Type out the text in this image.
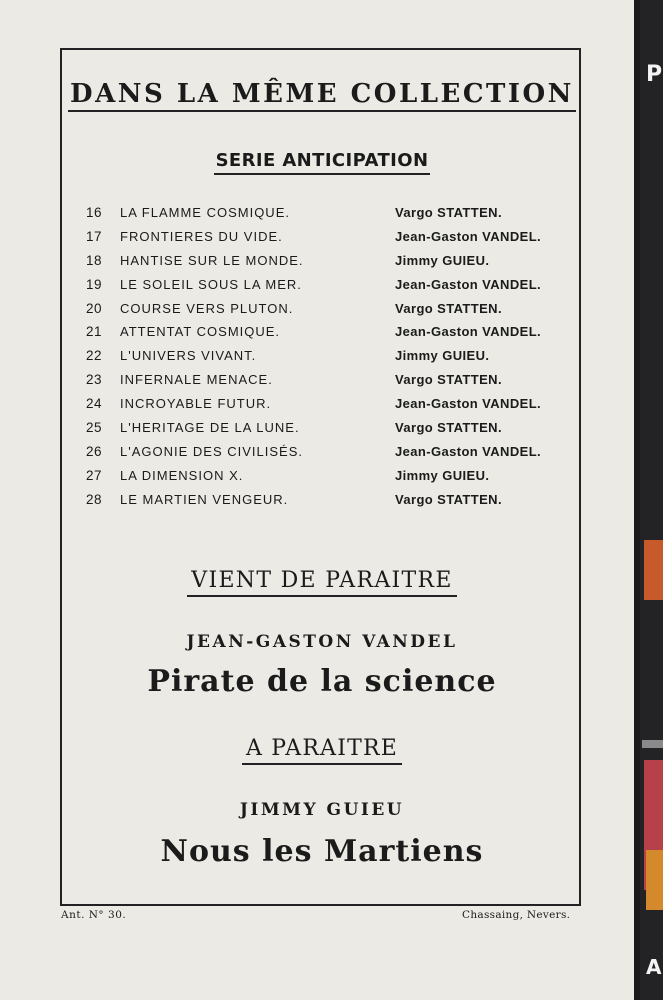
P
A
DANS LA MÊME COLLECTION
SERIE ANTICIPATION
16	LA FLAMME COSMIQUE.	Vargo STATTEN.
17	FRONTIERES DU VIDE.	Jean-Gaston VANDEL.
18	HANTISE SUR LE MONDE.	Jimmy GUIEU.
19	LE SOLEIL SOUS LA MER.	Jean-Gaston VANDEL.
20	COURSE VERS PLUTON.	Vargo STATTEN.
21	ATTENTAT COSMIQUE.	Jean-Gaston VANDEL.
22	L'UNIVERS VIVANT.	Jimmy GUIEU.
23	INFERNALE MENACE.	Vargo STATTEN.
24	INCROYABLE FUTUR.	Jean-Gaston VANDEL.
25	L'HERITAGE DE LA LUNE.	Vargo STATTEN.
26	L'AGONIE DES CIVILISÉS.	Jean-Gaston VANDEL.
27	LA DIMENSION X.	Jimmy GUIEU.
28	LE MARTIEN VENGEUR.	Vargo STATTEN.
VIENT DE PARAITRE
JEAN-GASTON VANDEL
Pirate de la science
A PARAITRE
JIMMY GUIEU
Nous les Martiens
Ant. N° 30.	Chassaing, Nevers.
